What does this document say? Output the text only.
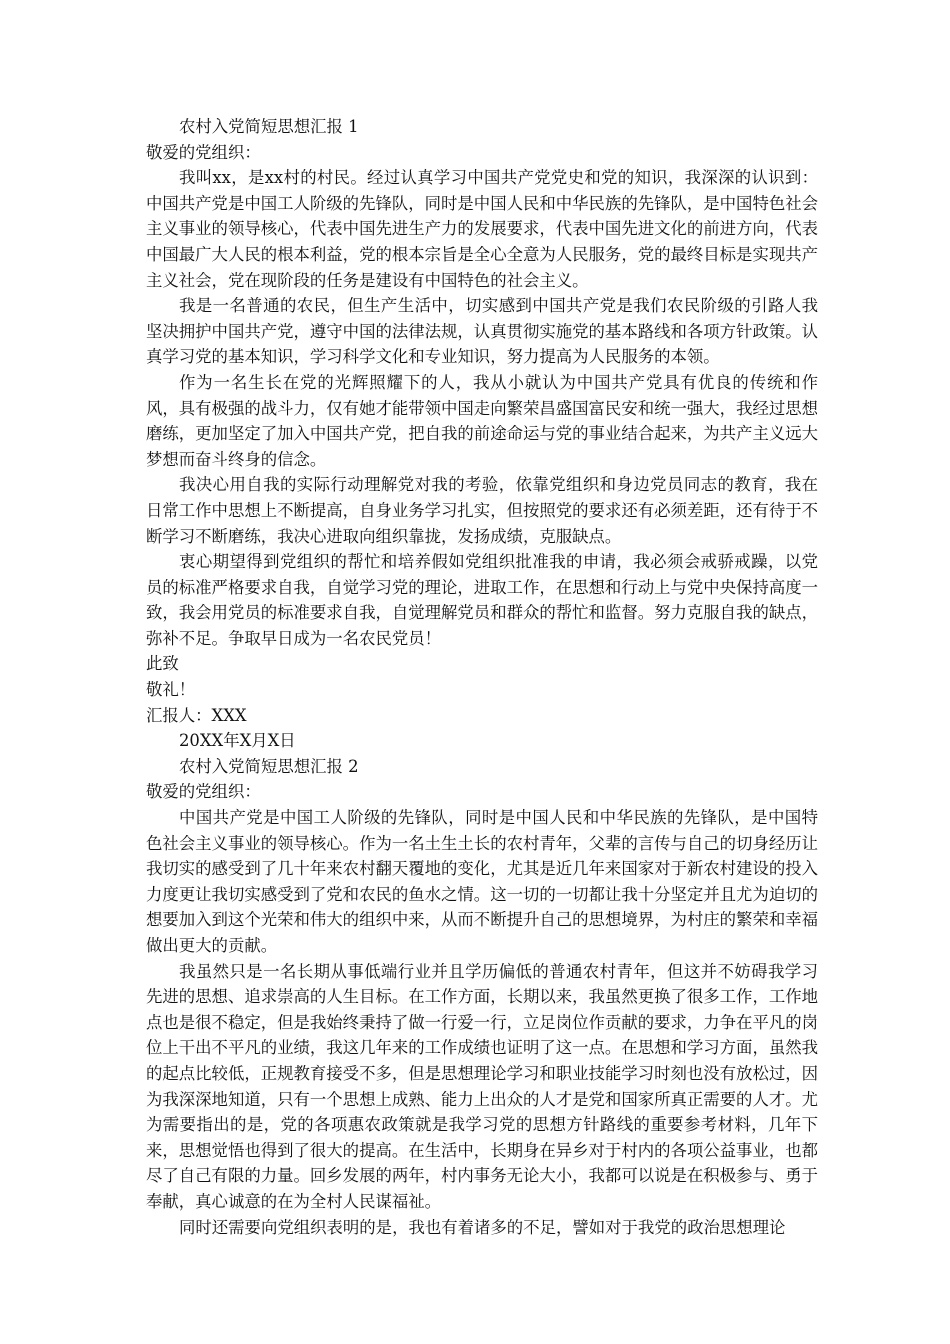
农村入党简短思想汇报 1

敬爱的党组织：

我叫xx，是xx村的村民。经过认真学习中国共产党党史和党的知识，我深深的认识到：中国共产党是中国工人阶级的先锋队，同时是中国人民和中华民族的先锋队，是中国特色社会主义事业的领导核心，代表中国先进生产力的发展要求，代表中国先进文化的前进方向，代表中国最广大人民的根本利益，党的根本宗旨是全心全意为人民服务，党的最终目标是实现共产主义社会，党在现阶段的任务是建设有中国特色的社会主义。

我是一名普通的农民，但生产生活中，切实感到中国共产党是我们农民阶级的引路人我坚决拥护中国共产党，遵守中国的法律法规，认真贯彻实施党的基本路线和各项方针政策。认真学习党的基本知识，学习科学文化和专业知识，努力提高为人民服务的本领。

作为一名生长在党的光辉照耀下的人，我从小就认为中国共产党具有优良的传统和作风，具有极强的战斗力，仅有她才能带领中国走向繁荣昌盛国富民安和统一强大，我经过思想磨练，更加坚定了加入中国共产党，把自我的前途命运与党的事业结合起来，为共产主义远大梦想而奋斗终身的信念。

我决心用自我的实际行动理解党对我的考验，依靠党组织和身边党员同志的教育，我在日常工作中思想上不断提高，自身业务学习扎实，但按照党的要求还有必须差距，还有待于不断学习不断磨练，我决心进取向组织靠拢，发扬成绩，克服缺点。

衷心期望得到党组织的帮忙和培养假如党组织批准我的申请，我必须会戒骄戒躁，以党员的标准严格要求自我，自觉学习党的理论，进取工作，在思想和行动上与党中央保持高度一致，我会用党员的标准要求自我，自觉理解党员和群众的帮忙和监督。努力克服自我的缺点，弥补不足。争取早日成为一名农民党员！

此致

敬礼！

汇报人：XXX

20XX年X月X日

农村入党简短思想汇报 2

敬爱的党组织：

中国共产党是中国工人阶级的先锋队，同时是中国人民和中华民族的先锋队，是中国特色社会主义事业的领导核心。作为一名土生土长的农村青年，父辈的言传与自己的切身经历让我切实的感受到了几十年来农村翻天覆地的变化，尤其是近几年来国家对于新农村建设的投入力度更让我切实感受到了党和农民的鱼水之情。这一切的一切都让我十分坚定并且尤为迫切的想要加入到这个光荣和伟大的组织中来，从而不断提升自己的思想境界，为村庄的繁荣和幸福做出更大的贡献。

我虽然只是一名长期从事低端行业并且学历偏低的普通农村青年，但这并不妨碍我学习先进的思想、追求崇高的人生目标。在工作方面，长期以来，我虽然更换了很多工作，工作地点也是很不稳定，但是我始终秉持了做一行爱一行，立足岗位作贡献的要求，力争在平凡的岗位上干出不平凡的业绩，我这几年来的工作成绩也证明了这一点。在思想和学习方面，虽然我的起点比较低，正规教育接受不多，但是思想理论学习和职业技能学习时刻也没有放松过，因为我深深地知道，只有一个思想上成熟、能力上出众的人才是党和国家所真正需要的人才。尤为需要指出的是，党的各项惠农政策就是我学习党的思想方针路线的重要参考材料，几年下来，思想觉悟也得到了很大的提高。在生活中，长期身在异乡对于村内的各项公益事业，也都尽了自己有限的力量。回乡发展的两年，村内事务无论大小，我都可以说是在积极参与、勇于奉献，真心诚意的在为全村人民谋福祉。

同时还需要向党组织表明的是，我也有着诸多的不足，譬如对于我党的政治思想理论
